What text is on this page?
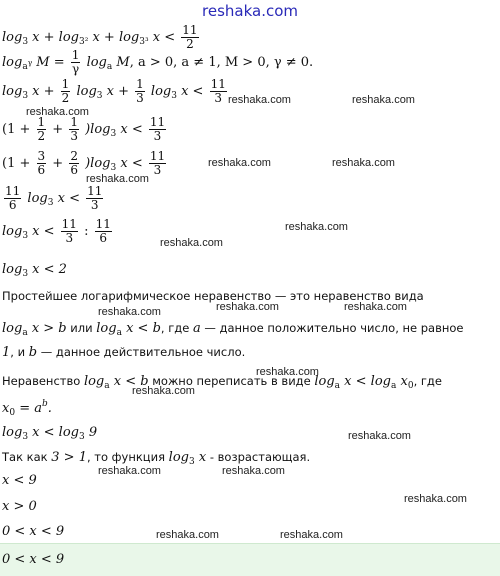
reshaka.com
$\log_3 x + \log_{3^2} x + \log_{3^3} x < \frac{11}{2}$
$\log_{a^\gamma} M = \frac{1}{\gamma} \log_a M$, a > 0, a ≠ 1, M > 0, γ ≠ 0.
$\log_3 x + \frac{1}{2} \log_3 x + \frac{1}{3} \log_3 x < \frac{11}{3}$
$(1 + \frac{1}{2} + \frac{1}{3} )\log_3$ $x < \frac{11}{3}$
$(1 + \frac{3}{6} + \frac{2}{6} )\log_3$ $x < \frac{11}{3}$
$\frac{11}{6} \log_3 x < \frac{11}{3}$
$\log_3 x < \frac{11}{3}$ : $\frac{11}{6}$
$\log_3 x < 2$
Простейшее логарифмическое неравенство — это неравенство вида
$\log_a x > b$ или $\log_a x < b$, где a — данное положительно число, не равное
1, и b — данное действительное число.
Неравенство $\log_a x < b$ можно переписать в виде $\log_a x < \log_a x_0$, где
$x_0 = a^b$.
$\log_3 x < \log_3 9$
Так как 3 > 1, то функция $\log_3 x$ - возрастающая.
x < 9
x > 0
0 < x < 9
0 < x < 9
reshaka.com
reshaka.com	reshaka.com
reshaka.com	reshaka.com
reshaka.com
reshaka.com
reshaka.com
reshaka.com	reshaka.com
reshaka.com
reshaka.com
reshaka.com
reshaka.com
reshaka.com	reshaka.com
reshaka.com
reshaka.com	reshaka.com
